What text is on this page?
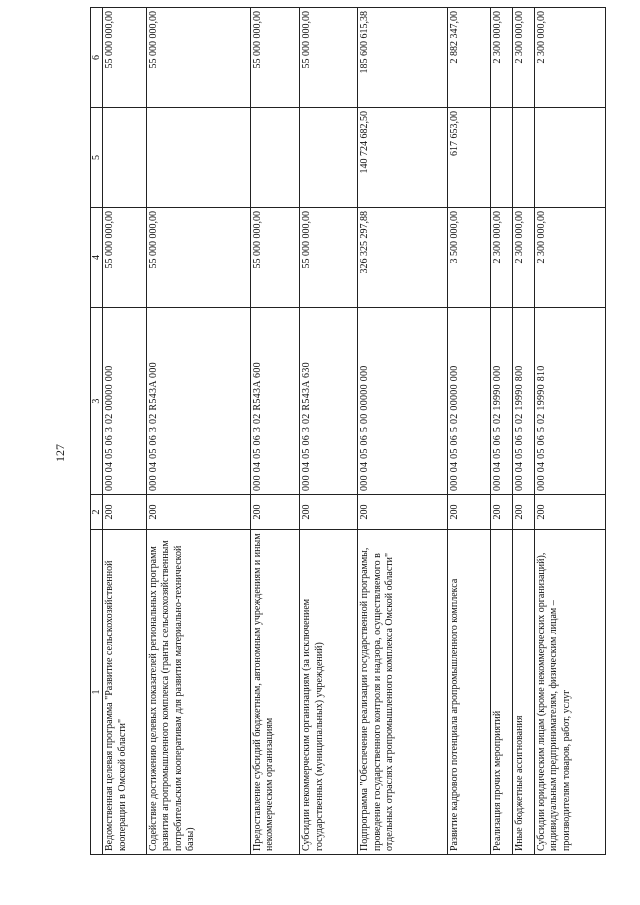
127
1	2	3	4	5	6
Ведомственная целевая программа "Развитие сельскохозяйственной кооперации в Омской области"	200	000 04 05 06 3 02 00000 000	55 000 000,00		55 000 000,00
Содействие достижению целевых показателей региональных программ развития агропромышленного комплекса (гранты сельскохозяйственным потребительским кооперативам для развития материально-технической базы)	200	000 04 05 06 3 02 R543A 000	55 000 000,00		55 000 000,00
Предоставление субсидий бюджетным, автономным учреждениям и иным некоммерческим организациям	200	000 04 05 06 3 02 R543A 600	55 000 000,00		55 000 000,00
Субсидии некоммерческим организациям (за исключением государственных (муниципальных) учреждений)	200	000 04 05 06 3 02 R543A 630	55 000 000,00		55 000 000,00
Подпрограмма "Обеспечение реализации государственной программы, проведение государственного контроля и надзора, осуществляемого в отдельных отраслях агропромышленного комплекса Омской области"	200	000 04 05 06 5 00 00000 000	326 325 297,88	140 724 682,50	185 600 615,38
Развитие кадрового потенциала агропромышленного комплекса	200	000 04 05 06 5 02 00000 000	3 500 000,00	617 653,00	2 882 347,00
Реализация прочих мероприятий	200	000 04 05 06 5 02 19990 000	2 300 000,00		2 300 000,00
Иные бюджетные ассигнования	200	000 04 05 06 5 02 19990 800	2 300 000,00		2 300 000,00
Субсидии юридическим лицам (кроме некоммерческих организаций), индивидуальным предпринимателям, физическим лицам – производителям товаров, работ, услуг	200	000 04 05 06 5 02 19990 810	2 300 000,00		2 300 000,00
